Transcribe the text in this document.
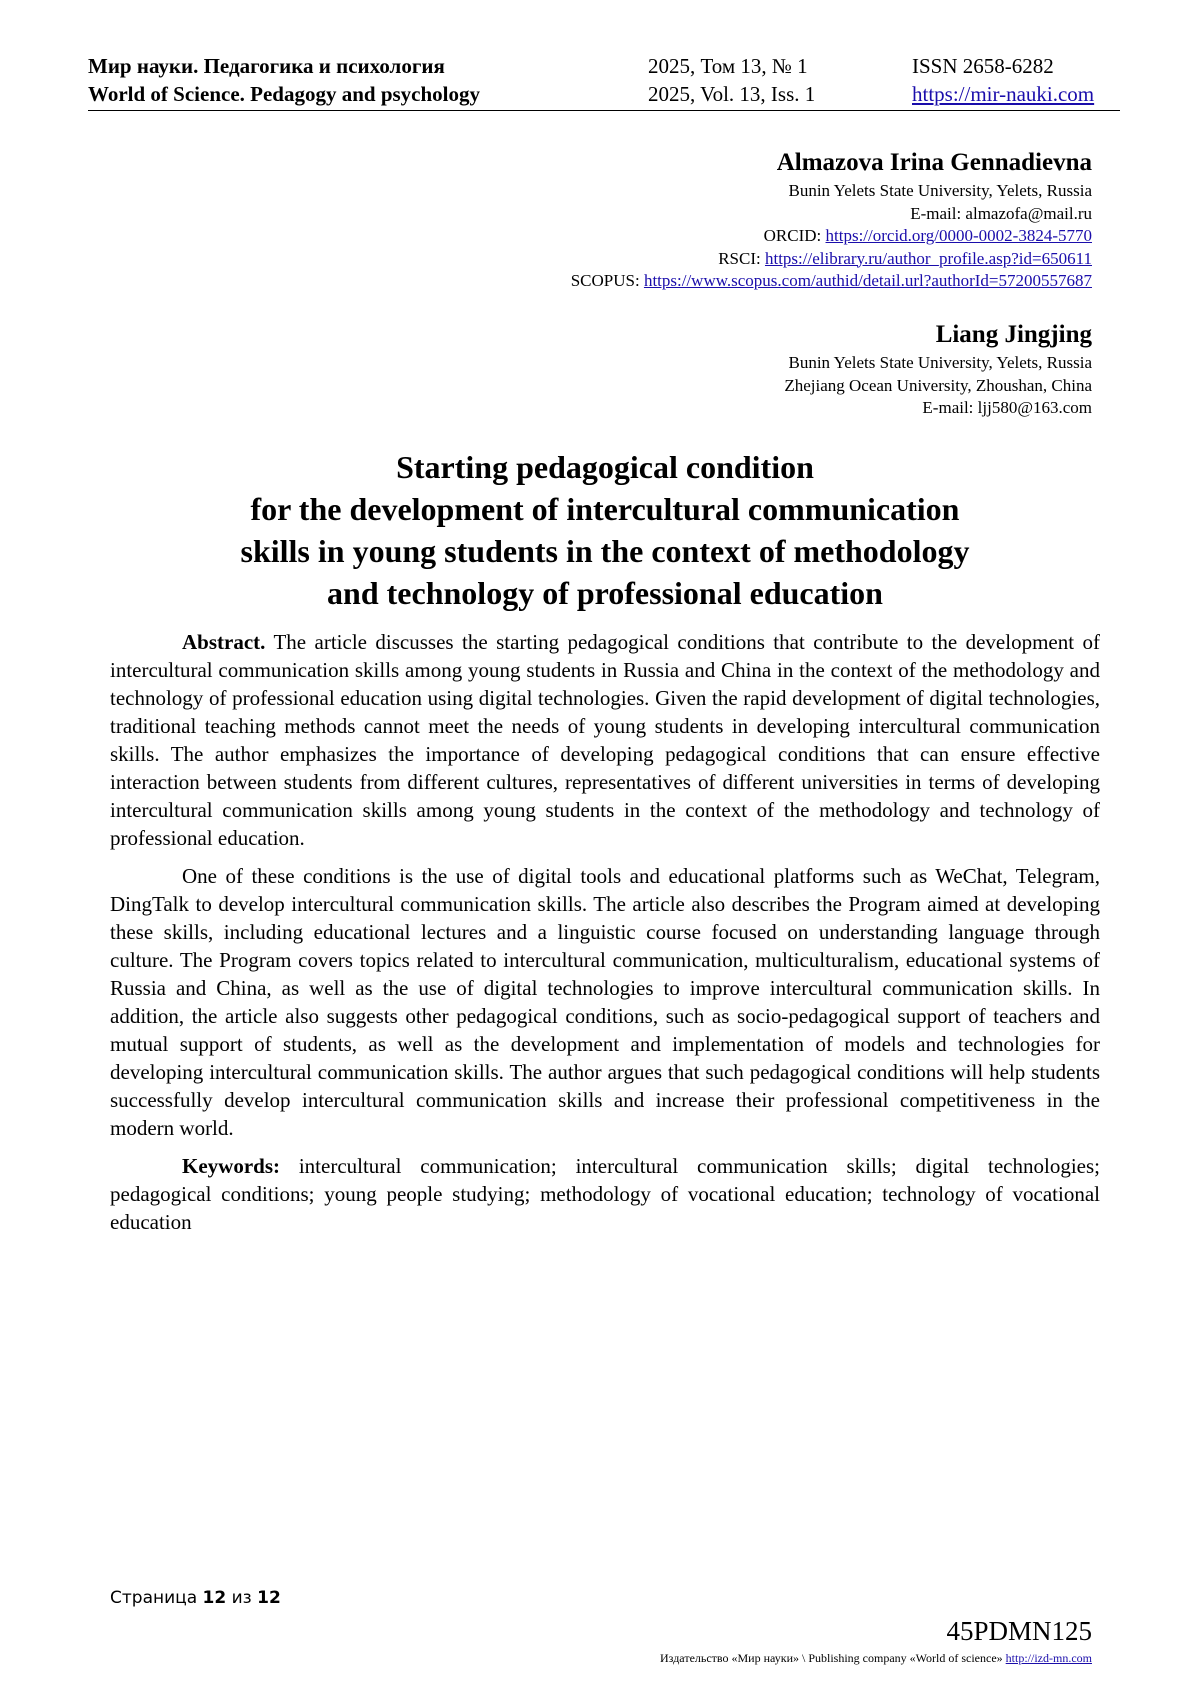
Мир науки. Педагогика и психология
World of Science. Pedagogy and psychology
2025, Том 13, № 1
2025, Vol. 13, Iss. 1
ISSN 2658-6282
https://mir-nauki.com
Almazova Irina Gennadievna
Bunin Yelets State University, Yelets, Russia
E-mail: almazofa@mail.ru
ORCID: https://orcid.org/0000-0002-3824-5770
RSCI: https://elibrary.ru/author_profile.asp?id=650611
SCOPUS: https://www.scopus.com/authid/detail.url?authorId=57200557687
Liang Jingjing
Bunin Yelets State University, Yelets, Russia
Zhejiang Ocean University, Zhoushan, China
E-mail: ljj580@163.com
Starting pedagogical condition
for the development of intercultural communication
skills in young students in the context of methodology
and technology of professional education

Abstract. The article discusses the starting pedagogical conditions that contribute to the development of intercultural communication skills among young students in Russia and China in the context of the methodology and technology of professional education using digital technologies. Given the rapid development of digital technologies, traditional teaching methods cannot meet the needs of young students in developing intercultural communication skills. The author emphasizes the importance of developing pedagogical conditions that can ensure effective interaction between students from different cultures, representatives of different universities in terms of developing intercultural communication skills among young students in the context of the methodology and technology of professional education.

One of these conditions is the use of digital tools and educational platforms such as WeChat, Telegram, DingTalk to develop intercultural communication skills. The article also describes the Program aimed at developing these skills, including educational lectures and a linguistic course focused on understanding language through culture. The Program covers topics related to intercultural communication, multiculturalism, educational systems of Russia and China, as well as the use of digital technologies to improve intercultural communication skills. In addition, the article also suggests other pedagogical conditions, such as socio-pedagogical support of teachers and mutual support of students, as well as the development and implementation of models and technologies for developing intercultural communication skills. The author argues that such pedagogical conditions will help students successfully develop intercultural communication skills and increase their professional competitiveness in the modern world.

Keywords: intercultural communication; intercultural communication skills; digital technologies; pedagogical conditions; young people studying; methodology of vocational education; technology of vocational education

Страница 12 из 12
45PDMN125
Издательство «Мир науки» \ Publishing company «World of science» http://izd-mn.com
